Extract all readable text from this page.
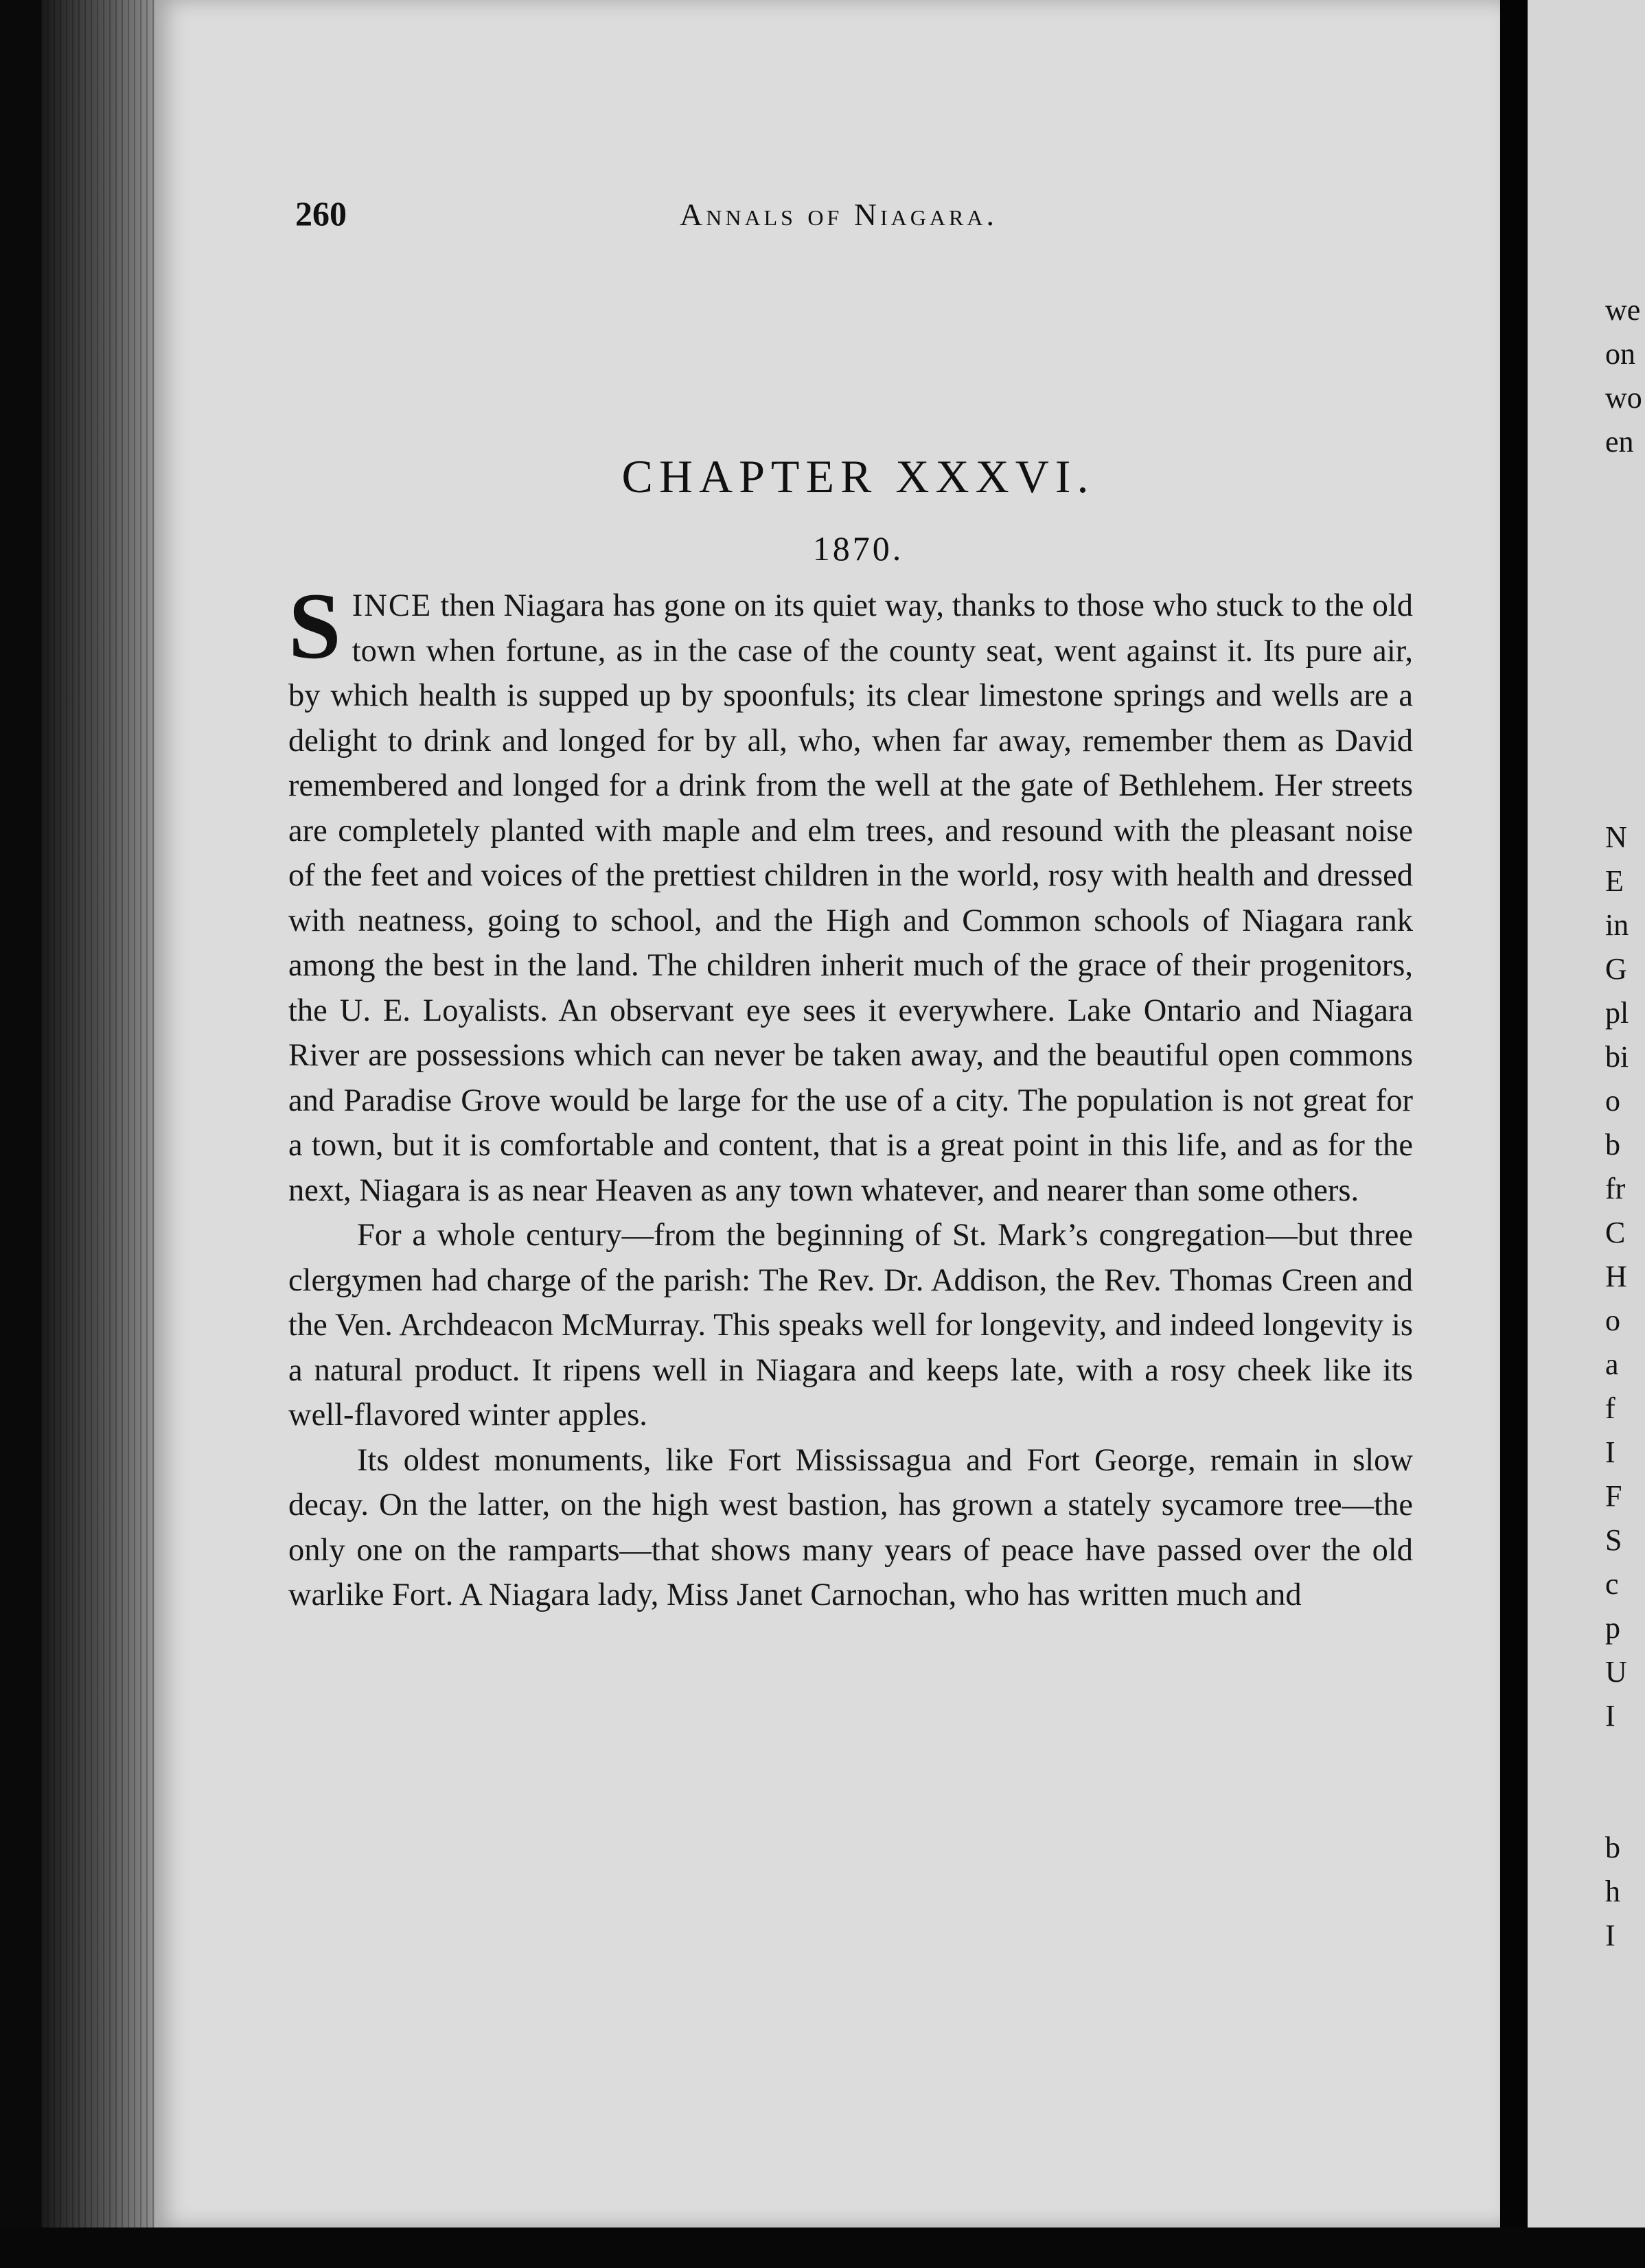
260	Annals of Niagara.
CHAPTER XXXVI.
1870.

SINCE then Niagara has gone on its quiet way, thanks to those who stuck to the old town when fortune, as in the case of the county seat, went against it. Its pure air, by which health is supped up by spoonfuls; its clear limestone springs and wells are a delight to drink and longed for by all, who, when far away, remember them as David remembered and longed for a drink from the well at the gate of Bethlehem. Her streets are completely planted with maple and elm trees, and resound with the pleasant noise of the feet and voices of the prettiest children in the world, rosy with health and dressed with neatness, going to school, and the High and Common schools of Niagara rank among the best in the land. The children inherit much of the grace of their progenitors, the U. E. Loyalists. An observant eye sees it everywhere. Lake Ontario and Niagara River are possessions which can never be taken away, and the beautiful open commons and Paradise Grove would be large for the use of a city. The population is not great for a town, but it is comfortable and content, that is a great point in this life, and as for the next, Niagara is as near Heaven as any town whatever, and nearer than some others.

For a whole century—from the beginning of St. Mark’s congregation—but three clergymen had charge of the parish: The Rev. Dr. Addison, the Rev. Thomas Creen and the Ven. Archdeacon McMurray. This speaks well for longevity, and indeed longevity is a natural product. It ripens well in Niagara and keeps late, with a rosy cheek like its well-flavored winter apples.

Its oldest monuments, like Fort Mississagua and Fort George, remain in slow decay. On the latter, on the high west bastion, has grown a stately sycamore tree—the only one on the ramparts—that shows many years of peace have passed over the old warlike Fort. A Niagara lady, Miss Janet Carnochan, who has written much and

we
on
wo
en
N
E
in
G
pl
bi
o
b
fr
C
H
o
a
f
I
F
S
c
p
U
I

b
h
I
